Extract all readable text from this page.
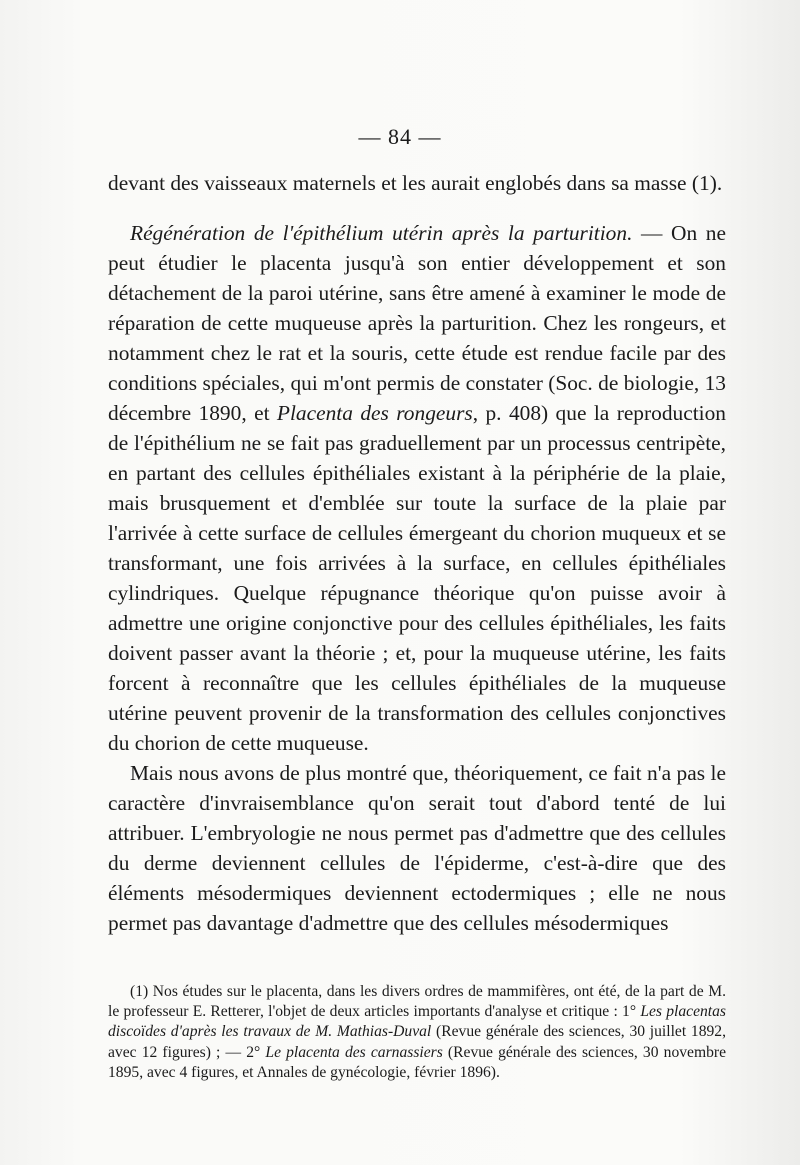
— 84 —

devant des vaisseaux maternels et les aurait englobés dans sa masse (1).

Régénération de l'épithélium utérin après la parturition. — On ne peut étudier le placenta jusqu'à son entier développement et son détachement de la paroi utérine, sans être amené à examiner le mode de réparation de cette muqueuse après la parturition. Chez les rongeurs, et notamment chez le rat et la souris, cette étude est rendue facile par des conditions spéciales, qui m'ont permis de constater (Soc. de biologie, 13 décembre 1890, et Placenta des rongeurs, p. 408) que la reproduction de l'épithélium ne se fait pas graduellement par un processus centripète, en partant des cellules épithéliales existant à la périphérie de la plaie, mais brusquement et d'emblée sur toute la surface de la plaie par l'arrivée à cette surface de cellules émergeant du chorion muqueux et se transformant, une fois arrivées à la surface, en cellules épithéliales cylindriques. Quelque répugnance théorique qu'on puisse avoir à admettre une origine conjonctive pour des cellules épithéliales, les faits doivent passer avant la théorie ; et, pour la muqueuse utérine, les faits forcent à reconnaître que les cellules épithéliales de la muqueuse utérine peuvent provenir de la transformation des cellules conjonctives du chorion de cette muqueuse.

Mais nous avons de plus montré que, théoriquement, ce fait n'a pas le caractère d'invraisemblance qu'on serait tout d'abord tenté de lui attribuer. L'embryologie ne nous permet pas d'admettre que des cellules du derme deviennent cellules de l'épiderme, c'est-à-dire que des éléments mésodermiques deviennent ectodermiques ; elle ne nous permet pas davantage d'admettre que des cellules mésodermiques

(1) Nos études sur le placenta, dans les divers ordres de mammifères, ont été, de la part de M. le professeur E. Retterer, l'objet de deux articles importants d'analyse et critique : 1° Les placentas discoïdes d'après les travaux de M. Mathias-Duval (Revue générale des sciences, 30 juillet 1892, avec 12 figures) ; — 2° Le placenta des carnassiers (Revue générale des sciences, 30 novembre 1895, avec 4 figures, et Annales de gynécologie, février 1896).
